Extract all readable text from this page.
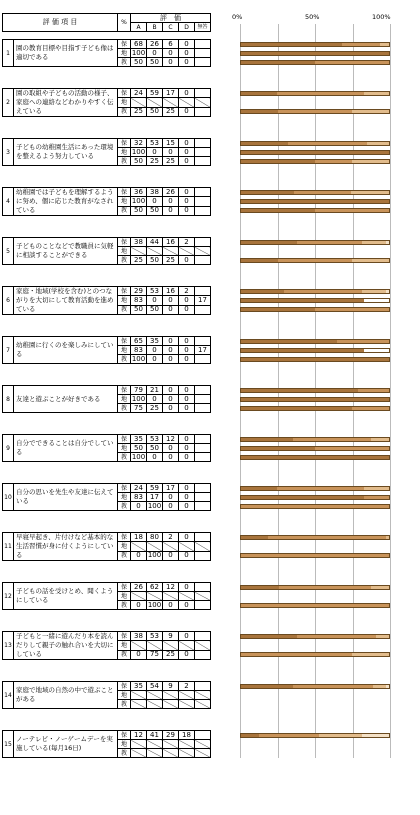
評 価 項 目		%	評　価				
			A	B	C	D	無答

1	園の教育目標や目指す子ども像は適切である	保	68	26	6	0	
		地	100	0	0	0	
		教	50	50	0	0	

2	園の取組や子どもの活動の様子、家庭への連絡などわかりやすく伝えている	保	24	59	17	0	
		地					
		教	25	50	25	0	

3	子どもの幼稚園生活にあった環境を整えるよう努力している	保	32	53	15	0	
		地	100	0	0	0	
		教	50	25	25	0	

4	幼稚園では子どもを理解するように努め、個に応じた教育がなされている	保	36	38	26	0	
		地	100	0	0	0	
		教	50	50	0	0	

5	子どものことなどで教職員に気軽に相談することができる	保	38	44	16	2	
		地					
		教	25	50	25	0	

6	家庭・地域(学校を含む)とのつながりを大切にして教育活動を進めている	保	29	53	16	2	
		地	83	0	0	0	17
		教	50	50	0	0	

7	幼稚園に行くのを楽しみにしている	保	65	35	0	0	
		地	83	0	0	0	17
		教	100	0	0	0	

8	友達と遊ぶことが好きである	保	79	21	0	0	
		地	100	0	0	0	
		教	75	25	0	0	

9	自分でできることは自分でしている	保	35	53	12	0	
		地	50	50	0	0	
		教	100	0	0	0	

10	自分の思いを先生や友達に伝えている	保	24	59	17	0	
		地	83	17	0	0	
		教	0	100	0	0	

11	早寝早起き、片付けなど基本的な生活習慣が身に付くようにしている	保	18	80	2	0	
		地					
		教	0	100	0	0	

12	子どもの話を受けとめ、聞くようにしている	保	26	62	12	0	
		地					
		教	0	100	0	0	

13	子どもと一緒に遊んだり本を読んだりして親子の触れ合いを大切にしている	保	38	53	9	0	
		地					
		教	0	75	25	0	

14	家庭で地域の自然の中で遊ぶことがある	保	35	54	9	2	
		地					
		教					

15	ノーテレビ・ノーゲームデーを実施している(毎月16日)	保	12	41	29	18	
		地					
		教					
0%	50%	100%
